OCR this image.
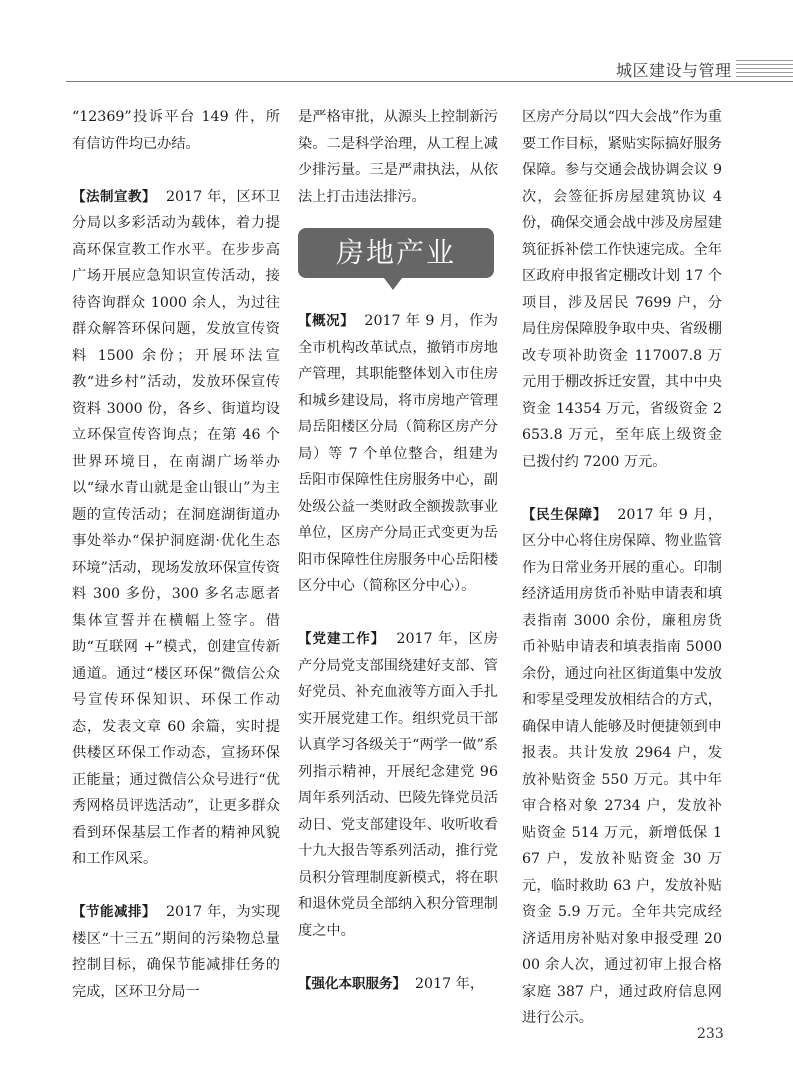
城区建设与管理

“12369”投诉平台 149 件，所有信访件均已办结。

【法制宣教】 2017 年，区环卫分局以多彩活动为载体，着力提高环保宣教工作水平。在步步高广场开展应急知识宣传活动，接待咨询群众 1000 余人，为过往群众解答环保问题，发放宣传资料 1500 余份；开展环法宣教“进乡村”活动，发放环保宣传资料 3000 份，各乡、街道均设立环保宣传咨询点；在第 46 个世界环境日，在南湖广场举办以“绿水青山就是金山银山”为主题的宣传活动；在洞庭湖街道办事处举办“保护洞庭湖·优化生态环境”活动，现场发放环保宣传资料 300 多份，300 多名志愿者集体宣誓并在横幅上签字。借助“互联网 +”模式，创建宣传新通道。通过“楼区环保”微信公众号宣传环保知识、环保工作动态，发表文章 60 余篇，实时提供楼区环保工作动态，宣扬环保正能量；通过微信公众号进行“优秀网格员评选活动”，让更多群众看到环保基层工作者的精神风貌和工作风采。

【节能减排】 2017 年，为实现楼区“十三五”期间的污染物总量控制目标，确保节能减排任务的完成，区环卫分局一

是严格审批，从源头上控制新污染。二是科学治理，从工程上减少排污量。三是严肃执法，从依法上打击违法排污。

房地产业

【概况】 2017 年 9 月，作为全市机构改革试点，撤销市房地产管理，其职能整体划入市住房和城乡建设局，将市房地产管理局岳阳楼区分局（简称区房产分局）等 7 个单位整合，组建为岳阳市保障性住房服务中心，副处级公益一类财政全额拨款事业单位，区房产分局正式变更为岳阳市保障性住房服务中心岳阳楼区分中心（简称区分中心）。

【党建工作】 2017 年，区房产分局党支部围绕建好支部、管好党员、补充血液等方面入手扎实开展党建工作。组织党员干部认真学习各级关于“两学一做”系列指示精神，开展纪念建党 96 周年系列活动、巴陵先锋党员活动日、党支部建设年、收听收看十九大报告等系列活动，推行党员积分管理制度新模式，将在职和退休党员全部纳入积分管理制度之中。

【强化本职服务】 2017 年，

区房产分局以“四大会战”作为重要工作目标，紧贴实际搞好服务保障。参与交通会战协调会议 9 次，会签征拆房屋建筑协议 4 份，确保交通会战中涉及房屋建筑征拆补偿工作快速完成。全年区政府申报省定棚改计划 17 个项目，涉及居民 7699 户，分局住房保障股争取中央、省级棚改专项补助资金 117007.8 万元用于棚改拆迁安置，其中中央资金 14354 万元，省级资金 2653.8 万元，至年底上级资金已拨付约 7200 万元。

【民生保障】 2017 年 9 月，区分中心将住房保障、物业监管作为日常业务开展的重心。印制经济适用房货币补贴申请表和填表指南 3000 余份，廉租房货币补贴申请表和填表指南 5000 余份，通过向社区街道集中发放和零星受理发放相结合的方式，确保申请人能够及时便捷领到申报表。共计发放 2964 户，发放补贴资金 550 万元。其中年审合格对象 2734 户，发放补贴资金 514 万元，新增低保 167 户，发放补贴资金 30 万元，临时救助 63 户，发放补贴资金 5.9 万元。全年共完成经济适用房补贴对象申报受理 2000 余人次，通过初审上报合格家庭 387 户，通过政府信息网进行公示。

233
